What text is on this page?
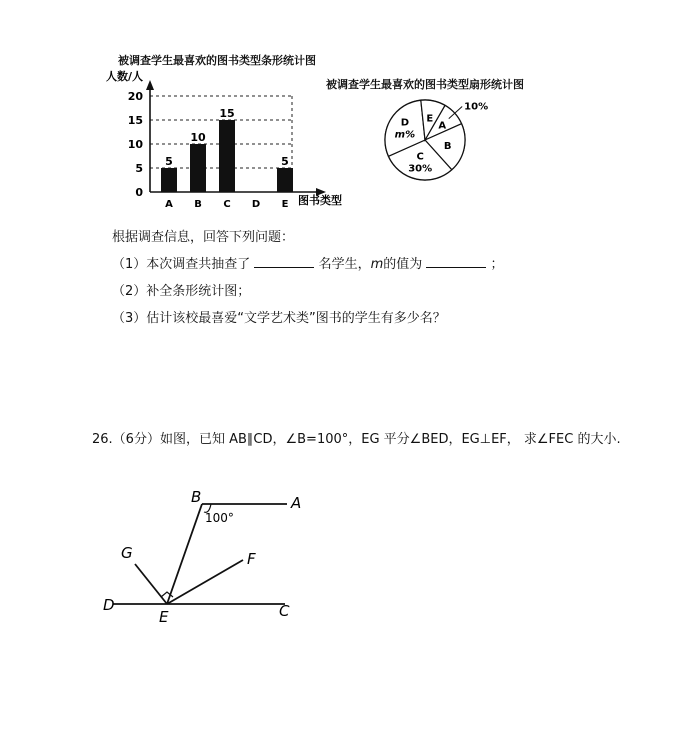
被调查学生最喜欢的图书类型条形统计图
人数/人
0
5
10
15
20
5
10
15
5
A B C D E 图书类型
被调查学生最喜欢的图书类型扇形统计图
A
10%
B
C
30%
D
m%
E
根据调查信息，回答下列问题：
（1）本次调查共抽查了	名学生，m的值为	；
（2）补全条形统计图；
（3）估计该校最喜爱“文学艺术类”图书的学生有多少名？
26.（6分）如图，已知 AB∥CD，∠B=100°，EG 平分∠BED，EG⊥EF， 求∠FEC 的大小.
B	A
100°
G	F
D
E	C
